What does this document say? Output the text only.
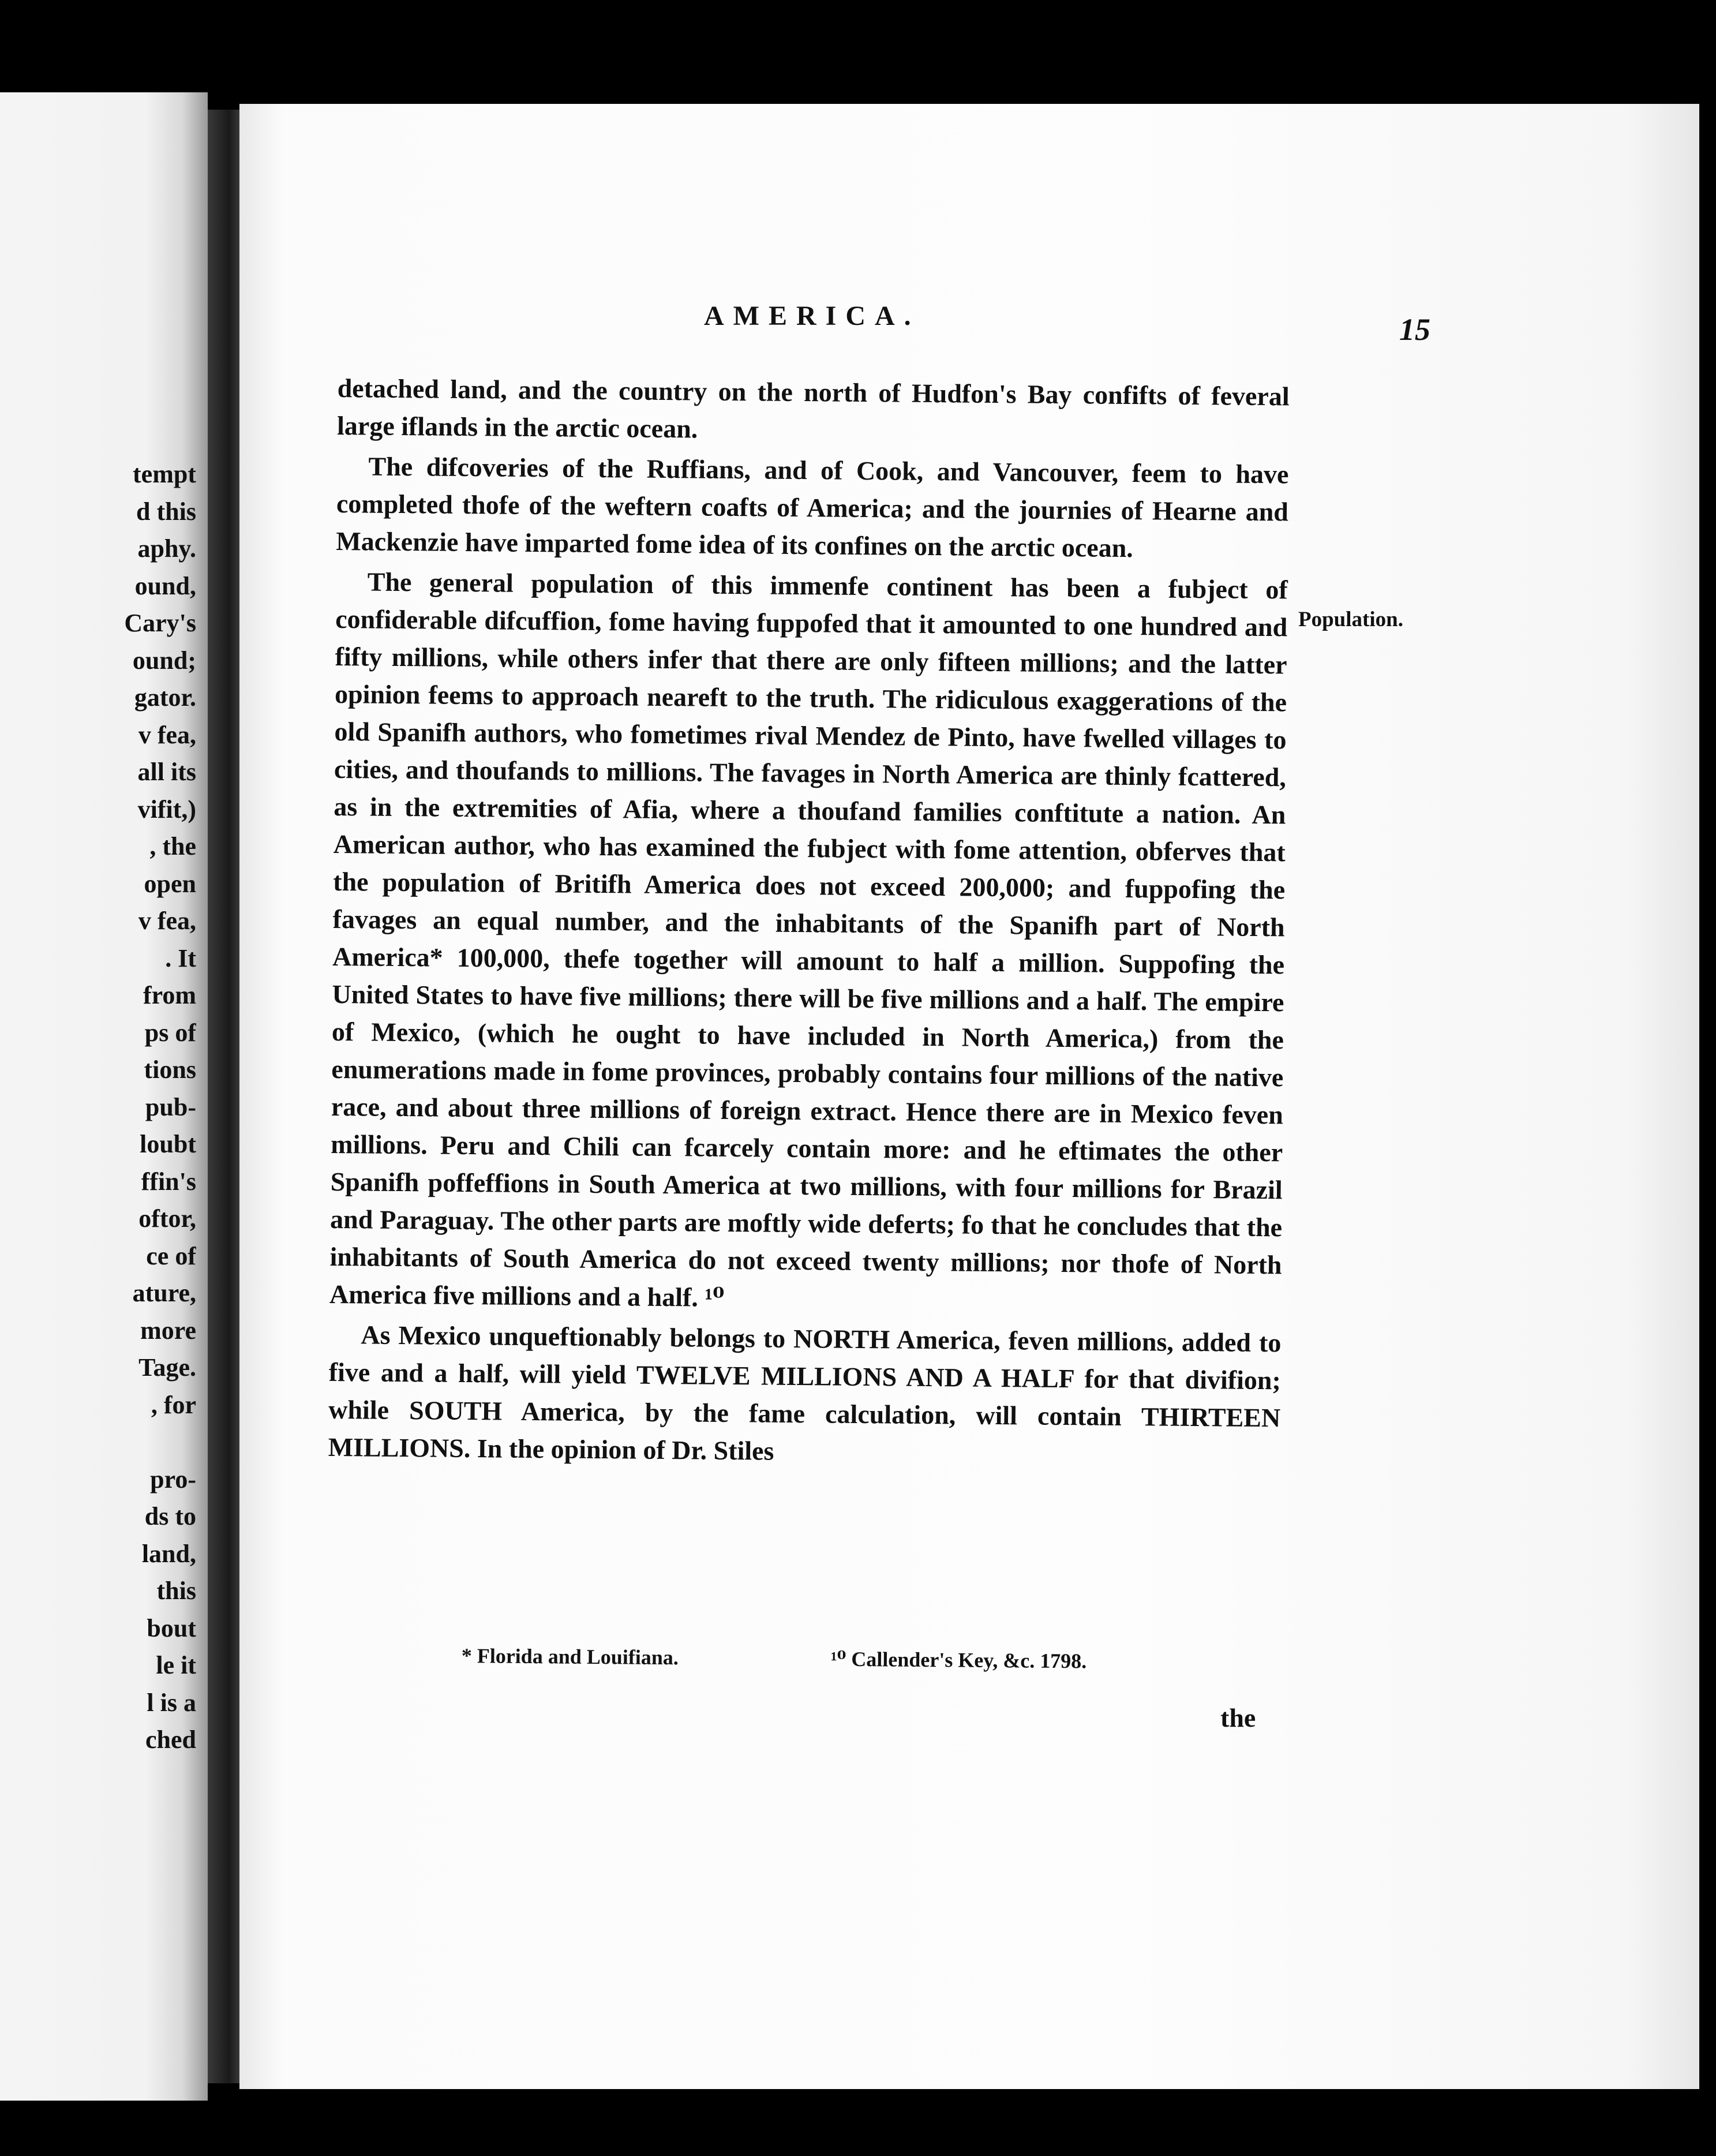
tempt
d this
aphy.
ound,
Cary's
ound;
gator.
v fea,
all its
vifit,)
, the
open
v fea,
. It
from
ps of
tions
pub-
loubt
ffin's
oftor,
ce of
ature,
more
Tage.
, for
pro-
ds to
land,
this
bout
le it
l is a
ched
AMERICA.	15
Population.

detached land, and the country on the north of Hudfon's Bay confifts of feveral large iflands in the arctic ocean.

The difcoveries of the Ruffians, and of Cook, and Vancouver, feem to have completed thofe of the weftern coafts of America; and the journies of Hearne and Mackenzie have imparted fome idea of its confines on the arctic ocean.

The general population of this immenfe continent has been a fubject of confiderable difcuffion, fome having fuppofed that it amounted to one hundred and fifty millions, while others infer that there are only fifteen millions; and the latter opinion feems to approach neareft to the truth. The ridiculous exaggerations of the old Spanifh authors, who fometimes rival Mendez de Pinto, have fwelled villages to cities, and thoufands to millions. The favages in North America are thinly fcattered, as in the extremities of Afia, where a thoufand families conftitute a nation. An American author, who has examined the fubject with fome attention, obferves that the population of Britifh America does not exceed 200,000; and fuppofing the favages an equal number, and the inhabitants of the Spanifh part of North America* 100,000, thefe together will amount to half a million. Suppofing the United States to have five millions; there will be five millions and a half. The empire of Mexico, (which he ought to have included in North America,) from the enumerations made in fome provinces, probably contains four millions of the native race, and about three millions of foreign extract. Hence there are in Mexico feven millions. Peru and Chili can fcarcely contain more: and he eftimates the other Spanifh poffeffions in South America at two millions, with four millions for Brazil and Paraguay. The other parts are moftly wide deferts; fo that he concludes that the inhabitants of South America do not exceed twenty millions; nor thofe of North America five millions and a half. ¹⁰

As Mexico unqueftionably belongs to NORTH America, feven millions, added to five and a half, will yield TWELVE MILLIONS AND A HALF for that divifion; while SOUTH America, by the fame calculation, will contain THIRTEEN MILLIONS. In the opinion of Dr. Stiles

* Florida and Louifiana.	¹⁰ Callender's Key, &c. 1798.
the
